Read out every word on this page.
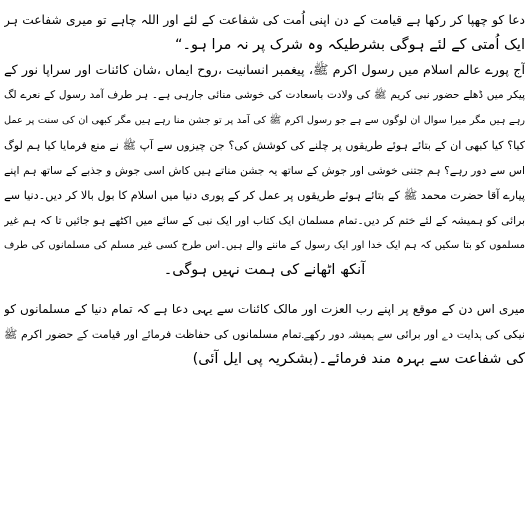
دعا کو چھپا کر رکھا ہے قیامت کے دن اپنی اُمت کی شفاعت کے لئے اور اللہ چاہے تو میری شفاعت ہر
ایک اُمتی کے لئے ہوگی بشرطیکہ وہ شرک پر نہ مرا ہو۔“
آج پورے عالم اسلام میں رسول اکرم ﷺ، پیغمبر انسانیت ،روح ایماں ،شان کائنات اور سراپا نور کے
پیکر میں ڈھلے حضور نبی کریم ﷺ کی ولادت باسعادت کی خوشی منائی جارہی ہے۔ ہر طرف آمد رسول کے نعرے لگ
رہے ہیں مگر میرا سوال ان لوگوں سے ہے جو رسول اکرم ﷺ کی آمد پر تو جشن منا رہے ہیں مگر کبھی ان کی سنت پر عمل
کیا؟ کیا کبھی ان کے بتائے ہوئے طریقوں پر چلنے کی کوشش کی؟ جن چیزوں سے آپ ﷺ نے منع فرمایا کیا ہم لوگ
اس سے دور رہے؟ ہم جتنی خوشی اور جوش کے ساتھ یہ جشن مناتے ہیں کاش اسی جوش و جذبے کے ساتھ ہم اپنے
پیارے آقا حضرت محمد ﷺ کے بتائے ہوئے طریقوں پر عمل کر کے پوری دنیا میں اسلام کا بول بالا کر دیں۔دنیا سے
برائی کو ہمیشہ کے لئے ختم کر دیں۔تمام مسلمان ایک کتاب اور ایک نبی کے سائے میں اکٹھے ہو جائیں تا کہ ہم غیر
مسلموں کو بتا سکیں کہ ہم ایک خدا اور ایک رسول کے ماننے والے ہیں۔اس طرح کسی غیر مسلم کی مسلمانوں کی طرف
آنکھ اٹھانے کی ہمت نہیں ہوگی۔
میری اس دن کے موقع پر اپنے رب العزت اور مالک کائنات سے یہی دعا ہے کہ تمام دنیا کے مسلمانوں کو
نیکی کی ہدایت دے اور برائی سے ہمیشہ دور رکھے۔تمام مسلمانوں کی حفاظت فرمائے اور قیامت کے حضور اکرم ﷺ
کی شفاعت سے بہرہ مند فرمائے۔(بشکریہ پی ایل آئی)
